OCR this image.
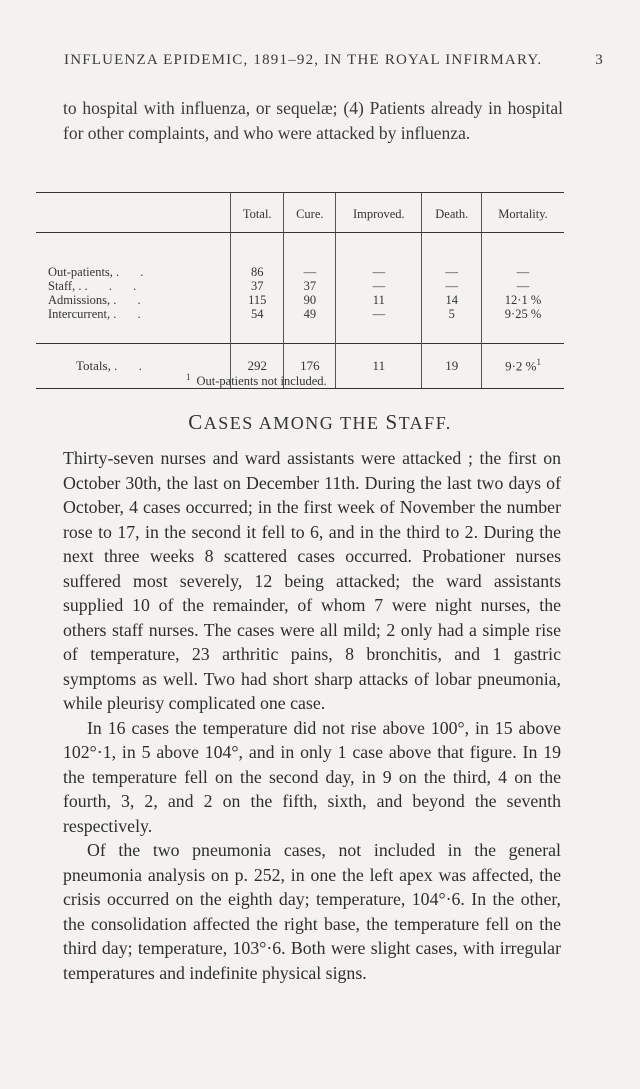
INFLUENZA EPIDEMIC, 1891–92, IN THE ROYAL INFIRMARY.	3

to hospital with influenza, or sequelæ; (4) Patients already in hospital for other complaints, and who were attacked by influenza.

	Total.	Cure.	Improved.	Death.	Mortality.
Out-patients, . .	86	—	—	—	—
Staff, . . . .	37	37	—	—	—
Admissions, . .	115	90	11	14	12·1 %
Intercurrent, . .	54	49	—	5	9·25 %
Totals, . .	292	176	11	19	9·2 %$^1$
$^1$ Out-patients not included.
CASES AMONG THE STAFF.

Thirty-seven nurses and ward assistants were attacked ; the first on October 30th, the last on December 11th. During the last two days of October, 4 cases occurred; in the first week of November the number rose to 17, in the second it fell to 6, and in the third to 2. During the next three weeks 8 scattered cases occurred. Probationer nurses suffered most severely, 12 being attacked; the ward assistants supplied 10 of the remainder, of whom 7 were night nurses, the others staff nurses. The cases were all mild; 2 only had a simple rise of temperature, 23 arthritic pains, 8 bronchitis, and 1 gastric symptoms as well. Two had short sharp attacks of lobar pneumonia, while pleurisy complicated one case.

In 16 cases the temperature did not rise above 100°, in 15 above 102°·1, in 5 above 104°, and in only 1 case above that figure. In 19 the temperature fell on the second day, in 9 on the third, 4 on the fourth, 3, 2, and 2 on the fifth, sixth, and beyond the seventh respectively.

Of the two pneumonia cases, not included in the general pneumonia analysis on p. 252, in one the left apex was affected, the crisis occurred on the eighth day; temperature, 104°·6. In the other, the consolidation affected the right base, the temperature fell on the third day; temperature, 103°·6. Both were slight cases, with irregular temperatures and indefinite physical signs.
